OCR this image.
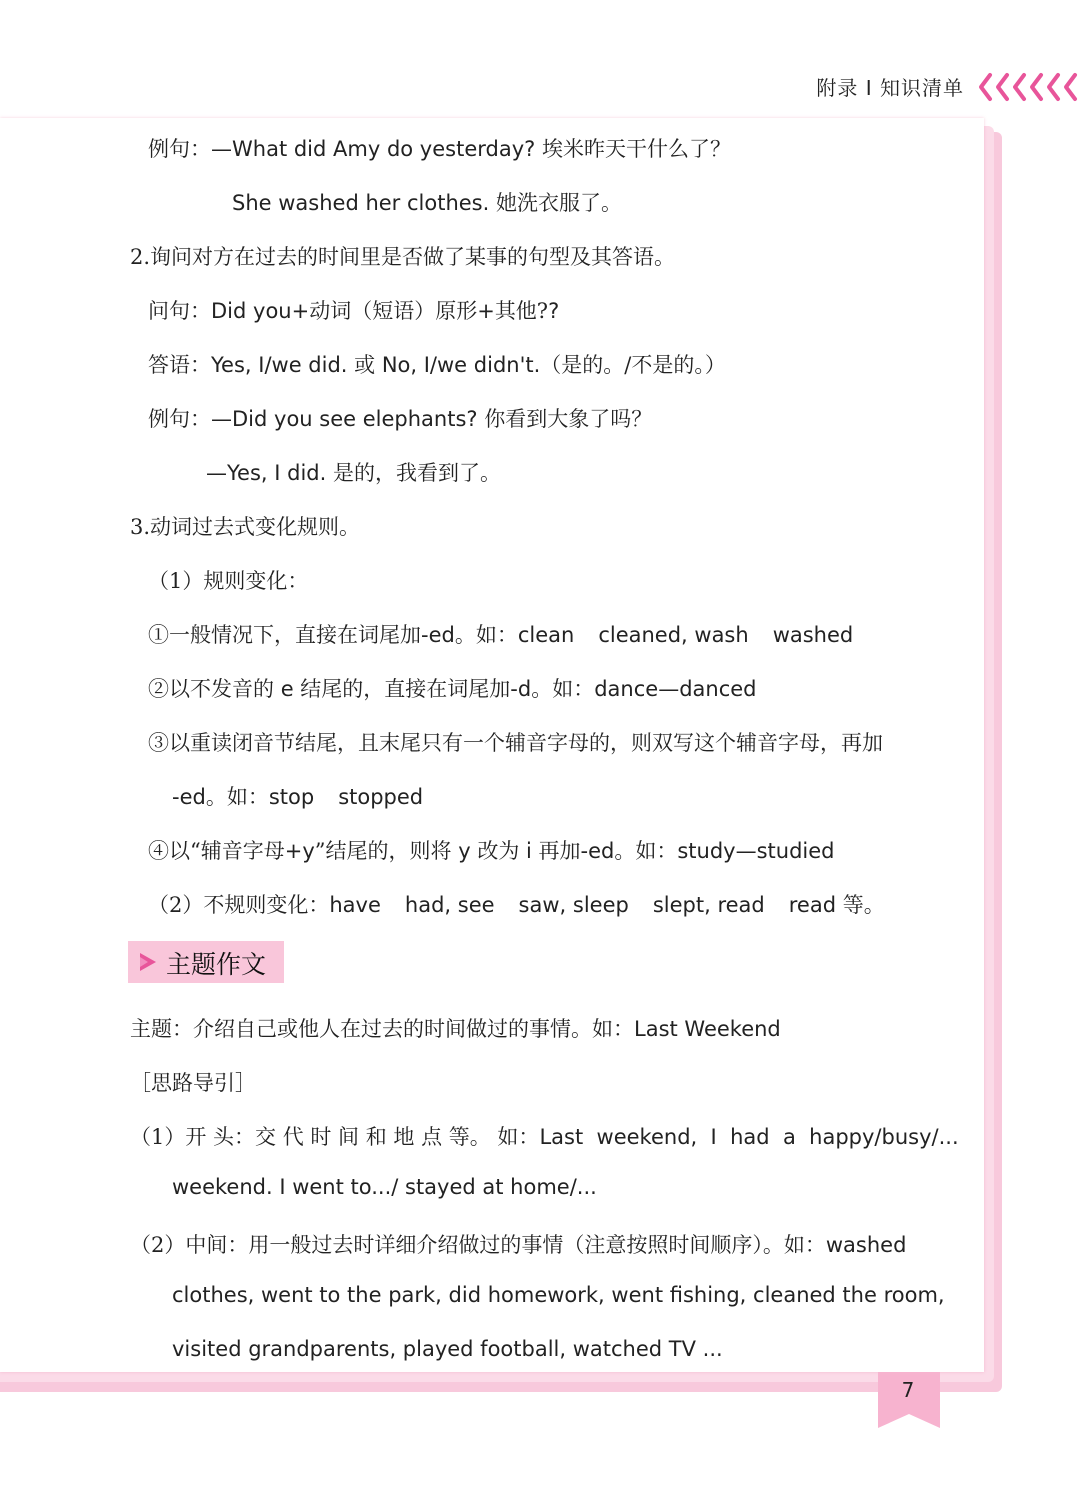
附录 Ⅰ 知识清单
例句：—What did Amy do yesterday? 埃米昨天干什么了？
She washed her clothes. 她洗衣服了。
2.询问对方在过去的时间里是否做了某事的句型及其答语。
问句：Did you+动词（短语）原形+其他??
答语：Yes, I/we did. 或 No, I/we didn't.（是的。/不是的。）
例句：—Did you see elephants? 你看到大象了吗？
—Yes, I did. 是的，我看到了。
3.动词过去式变化规则。
（1）规则变化：
①一般情况下，直接在词尾加-ed。如：clean cleaned, wash washed
②以不发音的 e 结尾的，直接在词尾加-d。如：dance—danced
③以重读闭音节结尾，且末尾只有一个辅音字母的，则双写这个辅音字母，再加
-ed。如：stop stopped
④以“辅音字母+y”结尾的，则将 y 改为 i 再加-ed。如：study—studied
（2）不规则变化：have had, see saw, sleep slept, read read 等。
主题作文
主题：介绍自己或他人在过去的时间做过的事情。如：Last Weekend
［思路导引］
（1）开 头：交 代 时 间 和 地 点 等。 如：Last  weekend,  I  had  a  happy/busy/...
weekend. I went to.../ stayed at home/...
（2）中间：用一般过去时详细介绍做过的事情（注意按照时间顺序）。如：washed
clothes, went to the park, did homework, went fishing, cleaned the room,
visited grandparents, played football, watched TV ...
7
